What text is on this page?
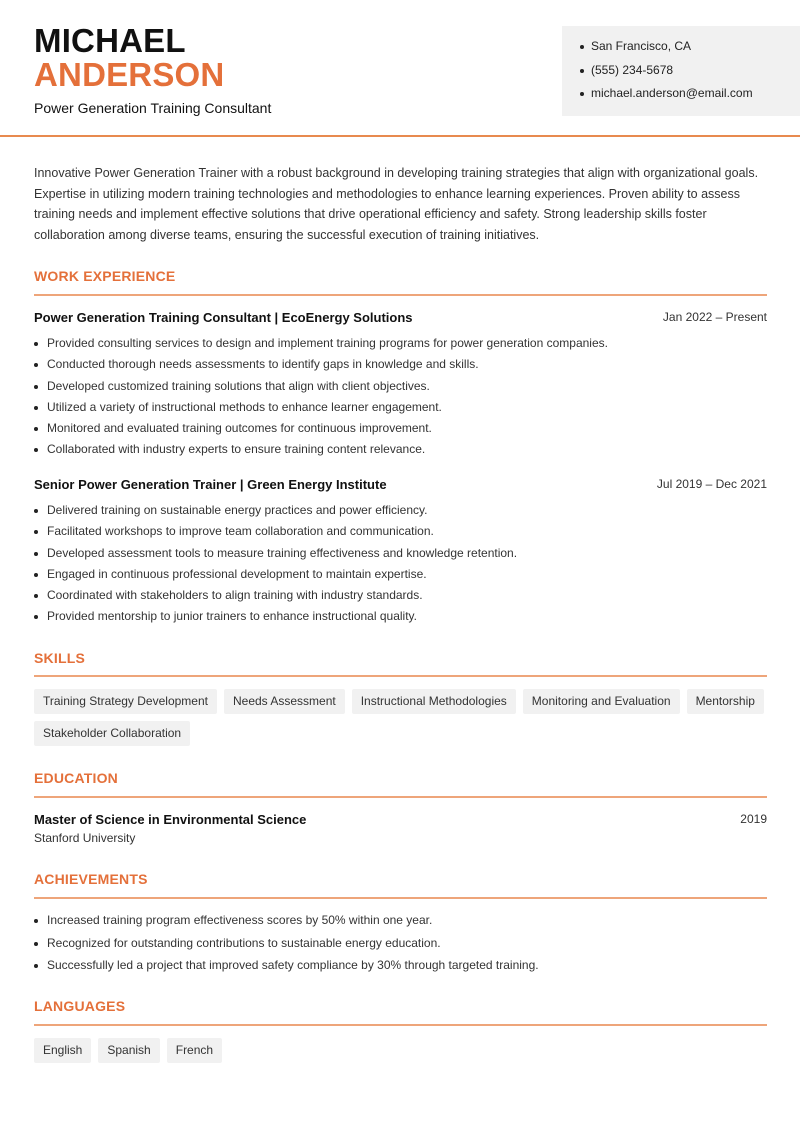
MICHAEL
ANDERSON
Power Generation Training Consultant
San Francisco, CA
(555) 234-5678
michael.anderson@email.com
Innovative Power Generation Trainer with a robust background in developing training strategies that align with organizational goals. Expertise in utilizing modern training technologies and methodologies to enhance learning experiences. Proven ability to assess training needs and implement effective solutions that drive operational efficiency and safety. Strong leadership skills foster collaboration among diverse teams, ensuring the successful execution of training initiatives.
WORK EXPERIENCE
Power Generation Training Consultant | EcoEnergy Solutions	Jan 2022 – Present
Provided consulting services to design and implement training programs for power generation companies.
Conducted thorough needs assessments to identify gaps in knowledge and skills.
Developed customized training solutions that align with client objectives.
Utilized a variety of instructional methods to enhance learner engagement.
Monitored and evaluated training outcomes for continuous improvement.
Collaborated with industry experts to ensure training content relevance.
Senior Power Generation Trainer | Green Energy Institute	Jul 2019 – Dec 2021
Delivered training on sustainable energy practices and power efficiency.
Facilitated workshops to improve team collaboration and communication.
Developed assessment tools to measure training effectiveness and knowledge retention.
Engaged in continuous professional development to maintain expertise.
Coordinated with stakeholders to align training with industry standards.
Provided mentorship to junior trainers to enhance instructional quality.
SKILLS
Training Strategy Development	Needs Assessment	Instructional Methodologies	Monitoring and Evaluation	Mentorship
Stakeholder Collaboration
EDUCATION
Master of Science in Environmental Science	2019
Stanford University
ACHIEVEMENTS
Increased training program effectiveness scores by 50% within one year.
Recognized for outstanding contributions to sustainable energy education.
Successfully led a project that improved safety compliance by 30% through targeted training.
LANGUAGES
English	Spanish	French
